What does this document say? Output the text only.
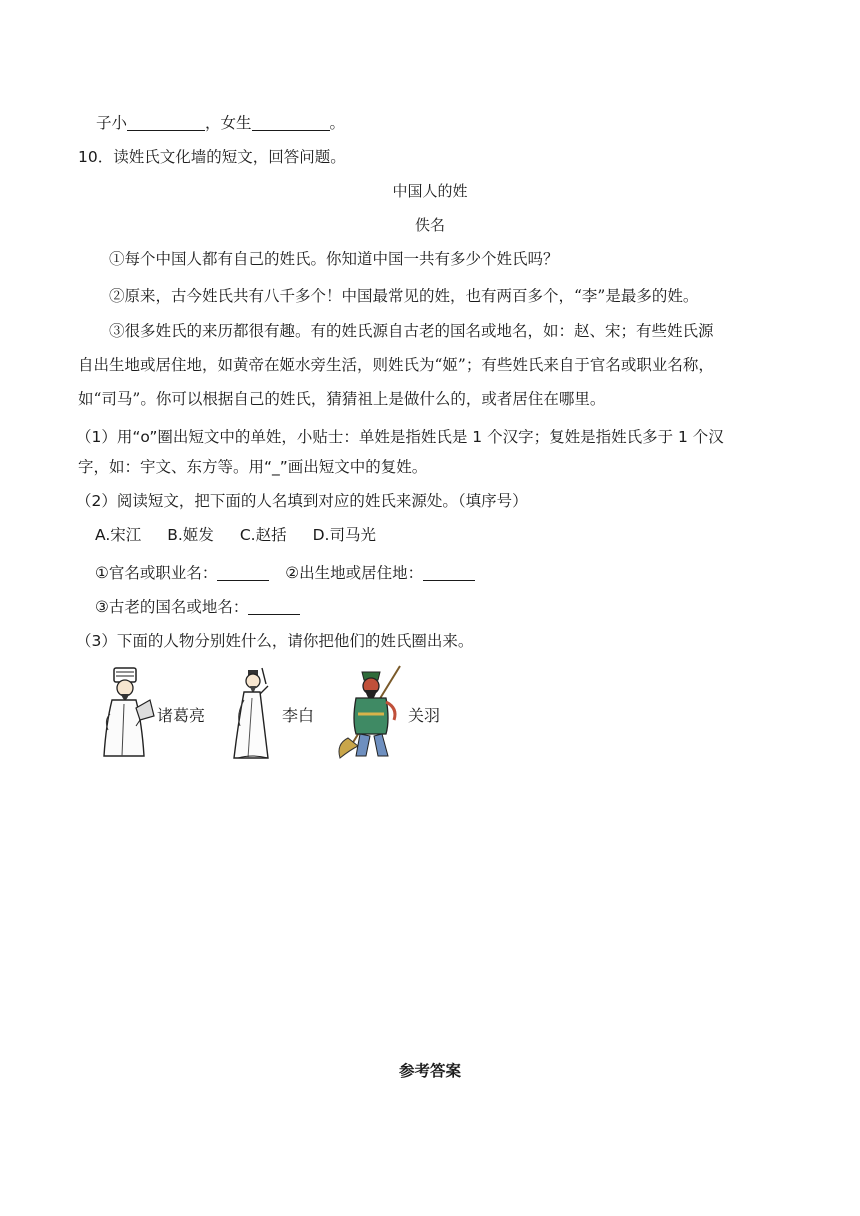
子小	，女生	。
10．读姓氏文化墙的短文，回答问题。
中国人的姓
佚名
①每个中国人都有自己的姓氏。你知道中国一共有多少个姓氏吗？
②原来，古今姓氏共有八千多个！中国最常见的姓，也有两百多个，“李”是最多的姓。
③很多姓氏的来历都很有趣。有的姓氏源自古老的国名或地名，如：赵、宋；有些姓氏源
自出生地或居住地，如黄帝在姬水旁生活，则姓氏为“姬”；有些姓氏来自于官名或职业名称，
如“司马”。你可以根据自己的姓氏，猜猜祖上是做什么的，或者居住在哪里。
（1）用“o”圈出短文中的单姓，小贴士：单姓是指姓氏是 1 个汉字；复姓是指姓氏多于 1 个汉
字，如：宇文、东方等。用“_”画出短文中的复姓。
（2）阅读短文，把下面的人名填到对应的姓氏来源处。（填序号）
A.宋江 B.姬发 C.赵括 D.司马光
①官名或职业名：	②出生地或居住地：
③古老的国名或地名：
（3）下面的人物分别姓什么，请你把他们的姓氏圈出来。
诸葛亮	李白	关羽
参考答案
